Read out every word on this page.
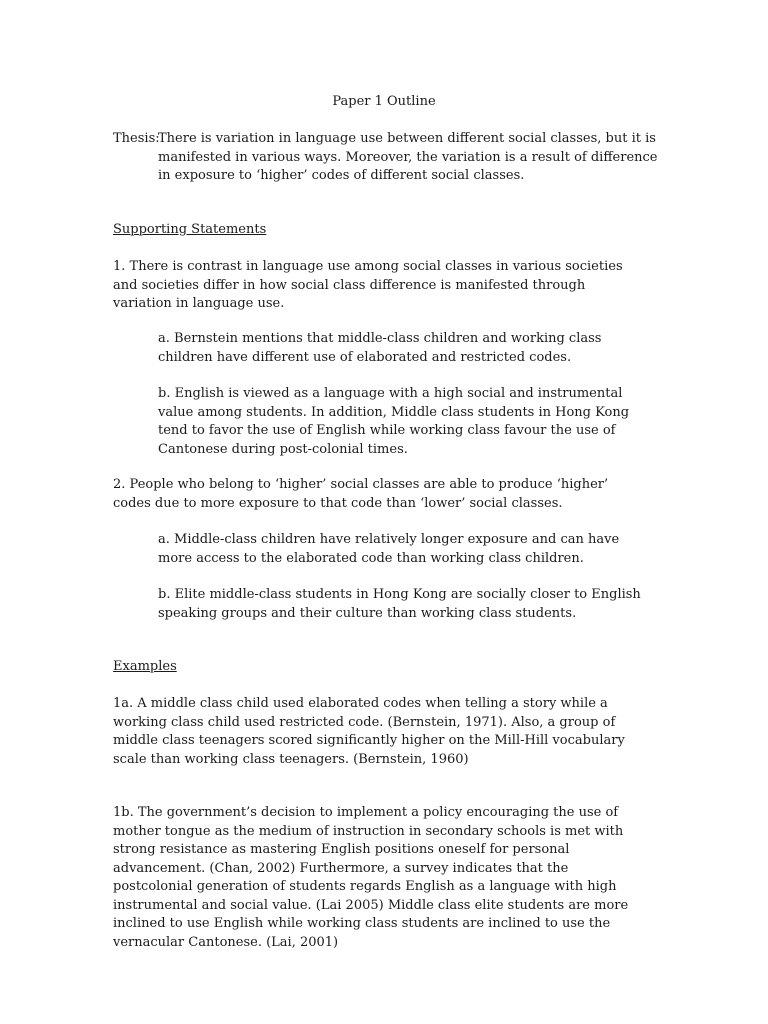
Paper 1 Outline
Thesis:
There is variation in language use between different social classes, but it is
manifested in various ways. Moreover, the variation is a result of difference
in exposure to ‘higher’ codes of different social classes.
Supporting Statements

1. There is contrast in language use among social classes in various societies and societies differ in how social class difference is manifested through variation in language use.

a. Bernstein mentions that middle-class children and working class children have different use of elaborated and restricted codes.

b. English is viewed as a language with a high social and instrumental value among students. In addition, Middle class students in Hong Kong tend to favor the use of English while working class favour the use of Cantonese during post-colonial times.

2. People who belong to ‘higher’ social classes are able to produce ‘higher’ codes due to more exposure to that code than ‘lower’ social classes.

a. Middle-class children have relatively longer exposure and can have more access to the elaborated code than working class children.

b. Elite middle-class students in Hong Kong are socially closer to English speaking groups and their culture than working class students.

Examples

1a. A middle class child used elaborated codes when telling a story while a working class child used restricted code. (Bernstein, 1971). Also, a group of middle class teenagers scored significantly higher on the Mill-Hill vocabulary scale than working class teenagers. (Bernstein, 1960)

1b. The government’s decision to implement a policy encouraging the use of mother tongue as the medium of instruction in secondary schools is met with strong resistance as mastering English positions oneself for personal advancement. (Chan, 2002) Furthermore, a survey indicates that the postcolonial generation of students regards English as a language with high instrumental and social value. (Lai 2005) Middle class elite students are more inclined to use English while working class students are inclined to use the vernacular Cantonese. (Lai, 2001)
